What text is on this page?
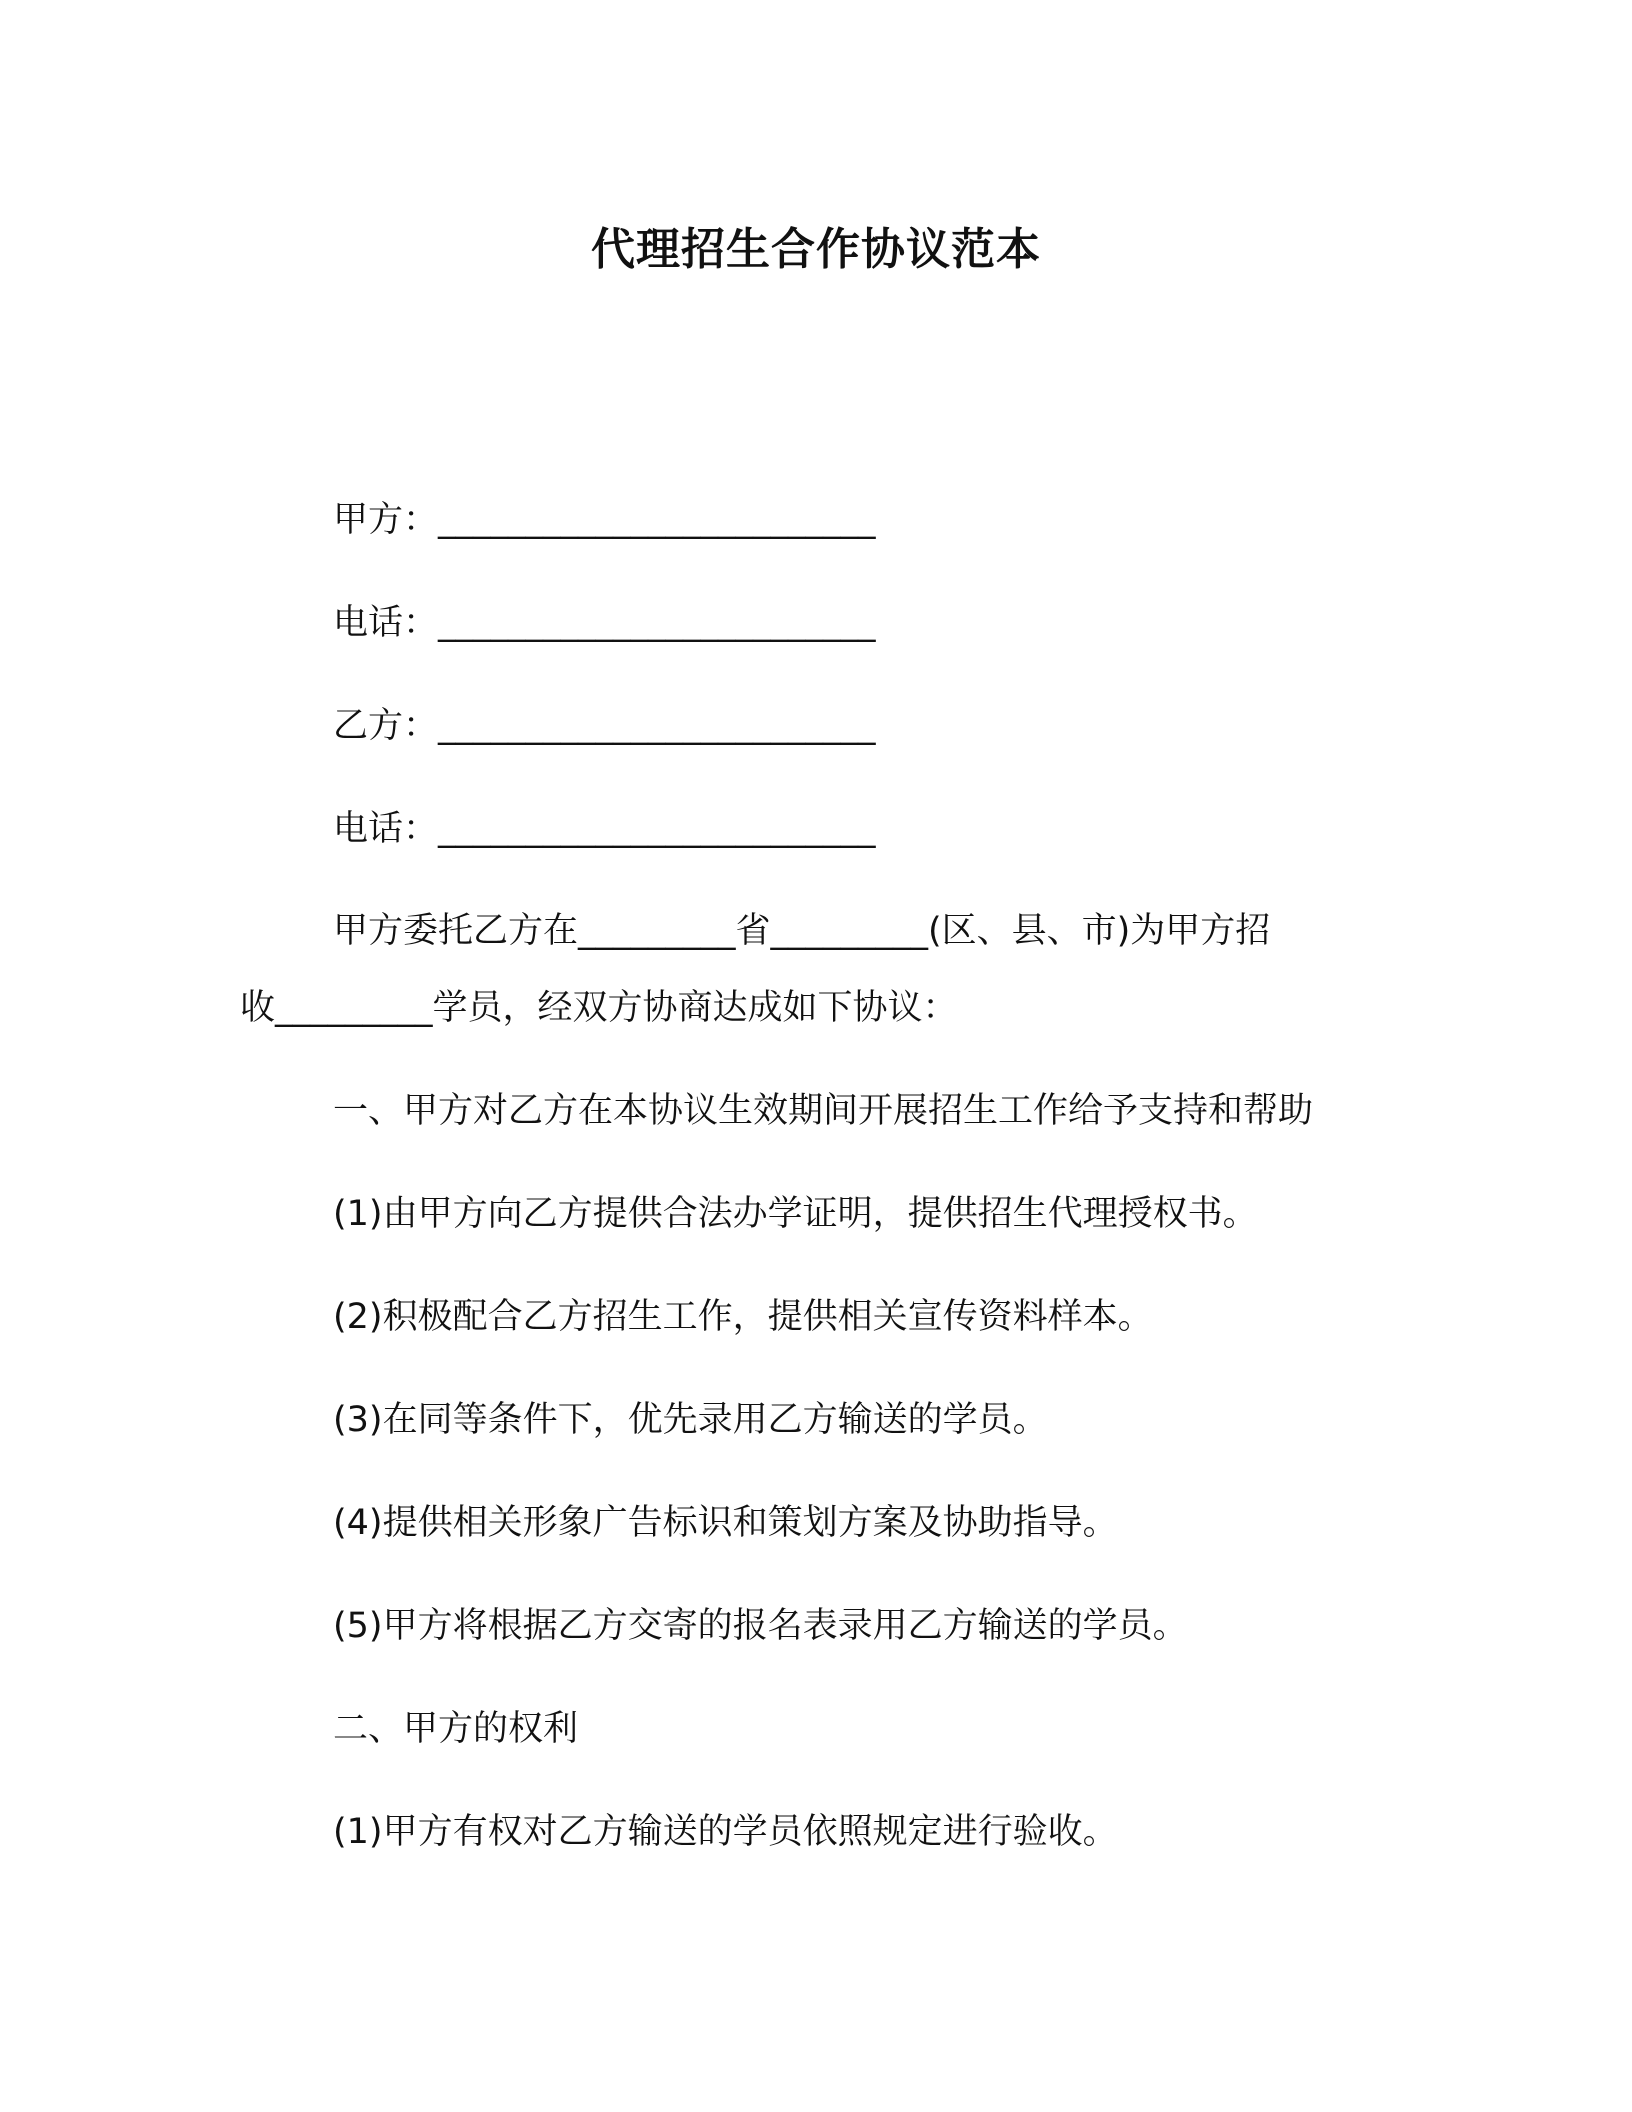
代理招生合作协议范本
甲方：_________________________
电话：_________________________
乙方：_________________________
电话：_________________________
甲方委托乙方在_________省_________(区、县、市)为甲方招
收_________学员，经双方协商达成如下协议：
一、甲方对乙方在本协议生效期间开展招生工作给予支持和帮助
(1)由甲方向乙方提供合法办学证明，提供招生代理授权书。
(2)积极配合乙方招生工作，提供相关宣传资料样本。
(3)在同等条件下，优先录用乙方输送的学员。
(4)提供相关形象广告标识和策划方案及协助指导。
(5)甲方将根据乙方交寄的报名表录用乙方输送的学员。
二、甲方的权利
(1)甲方有权对乙方输送的学员依照规定进行验收。
